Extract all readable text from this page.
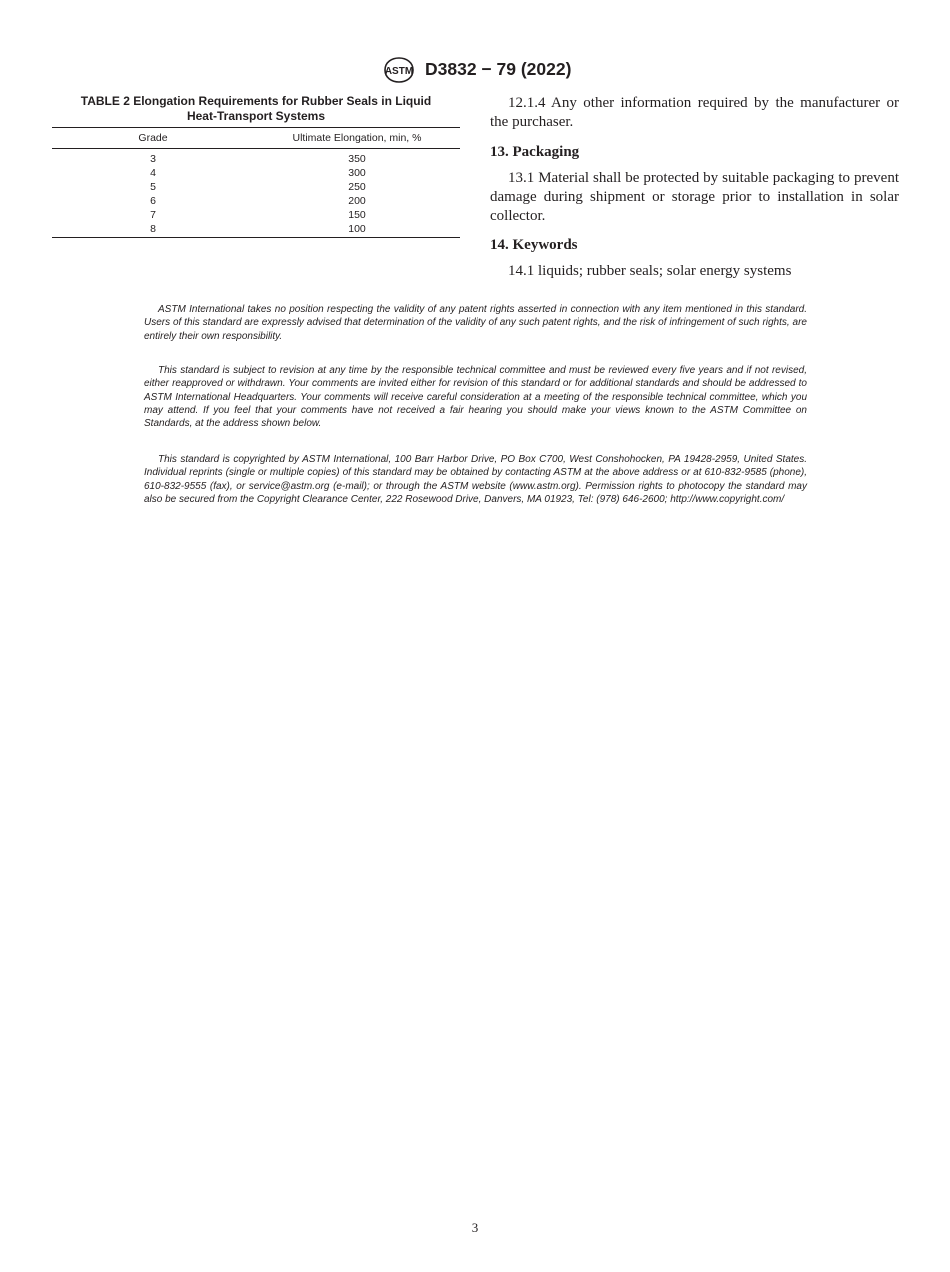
ASTM D3832 − 79 (2022)
TABLE 2 Elongation Requirements for Rubber Seals in Liquid
Heat-Transport Systems
Grade	Ultimate Elongation, min, %
3	350
4	300
5	250
6	200
7	150
8	100

12.1.4 Any other information required by the manufacturer or the purchaser.

13. Packaging

13.1 Material shall be protected by suitable packaging to prevent damage during shipment or storage prior to installation in solar collector.

14. Keywords

14.1 liquids; rubber seals; solar energy systems

ASTM International takes no position respecting the validity of any patent rights asserted in connection with any item mentioned in this standard. Users of this standard are expressly advised that determination of the validity of any such patent rights, and the risk of infringement of such rights, are entirely their own responsibility.

This standard is subject to revision at any time by the responsible technical committee and must be reviewed every five years and if not revised, either reapproved or withdrawn. Your comments are invited either for revision of this standard or for additional standards and should be addressed to ASTM International Headquarters. Your comments will receive careful consideration at a meeting of the responsible technical committee, which you may attend. If you feel that your comments have not received a fair hearing you should make your views known to the ASTM Committee on Standards, at the address shown below.

This standard is copyrighted by ASTM International, 100 Barr Harbor Drive, PO Box C700, West Conshohocken, PA 19428-2959, United States. Individual reprints (single or multiple copies) of this standard may be obtained by contacting ASTM at the above address or at 610-832-9585 (phone), 610-832-9555 (fax), or service@astm.org (e-mail); or through the ASTM website (www.astm.org). Permission rights to photocopy the standard may also be secured from the Copyright Clearance Center, 222 Rosewood Drive, Danvers, MA 01923, Tel: (978) 646-2600; http://www.copyright.com/

3
